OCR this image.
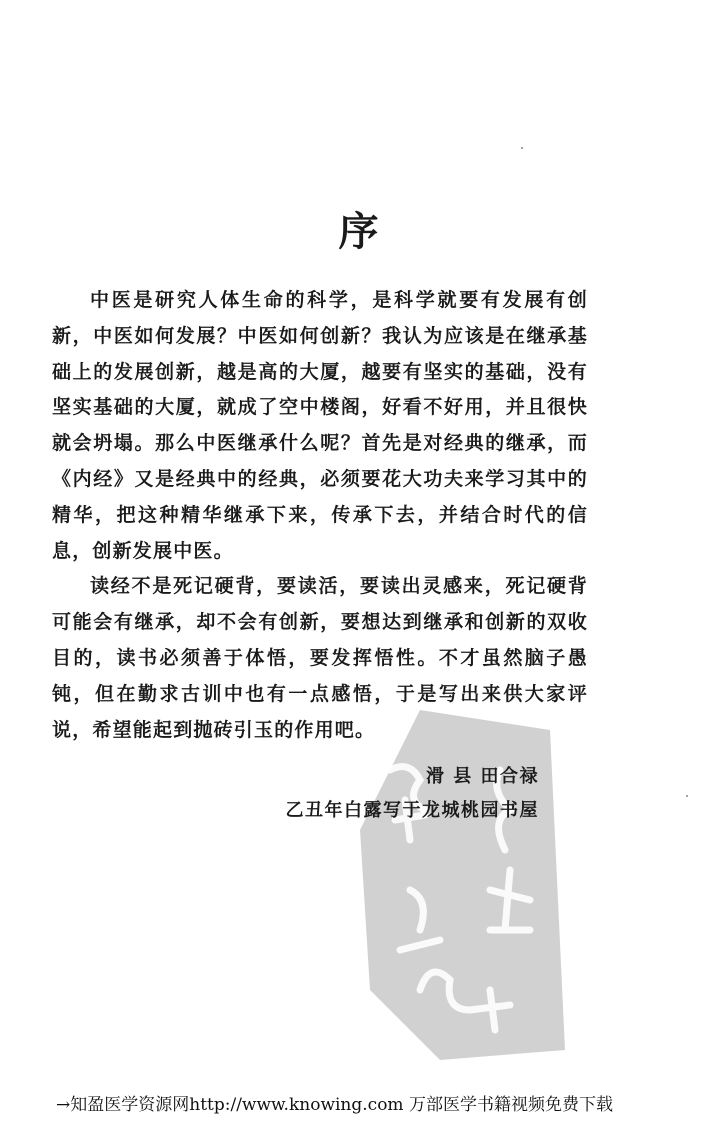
序

中医是研究人体生命的科学，是科学就要有发展有创新，中医如何发展？中医如何创新？我认为应该是在继承基础上的发展创新，越是高的大厦，越要有坚实的基础，没有坚实基础的大厦，就成了空中楼阁，好看不好用，并且很快就会坍塌。那么中医继承什么呢？首先是对经典的继承，而《内经》又是经典中的经典，必须要花大功夫来学习其中的精华，把这种精华继承下来，传承下去，并结合时代的信息，创新发展中医。

读经不是死记硬背，要读活，要读出灵感来，死记硬背可能会有继承，却不会有创新，要想达到继承和创新的双收目的，读书必须善于体悟，要发挥悟性。不才虽然脑子愚钝，但在勤求古训中也有一点感悟，于是写出来供大家评说，希望能起到抛砖引玉的作用吧。

滑 县 田合禄
乙丑年白露写于龙城桃园书屋
→知盈医学资源网http://www.knowing.com 万部医学书籍视频免费下载
